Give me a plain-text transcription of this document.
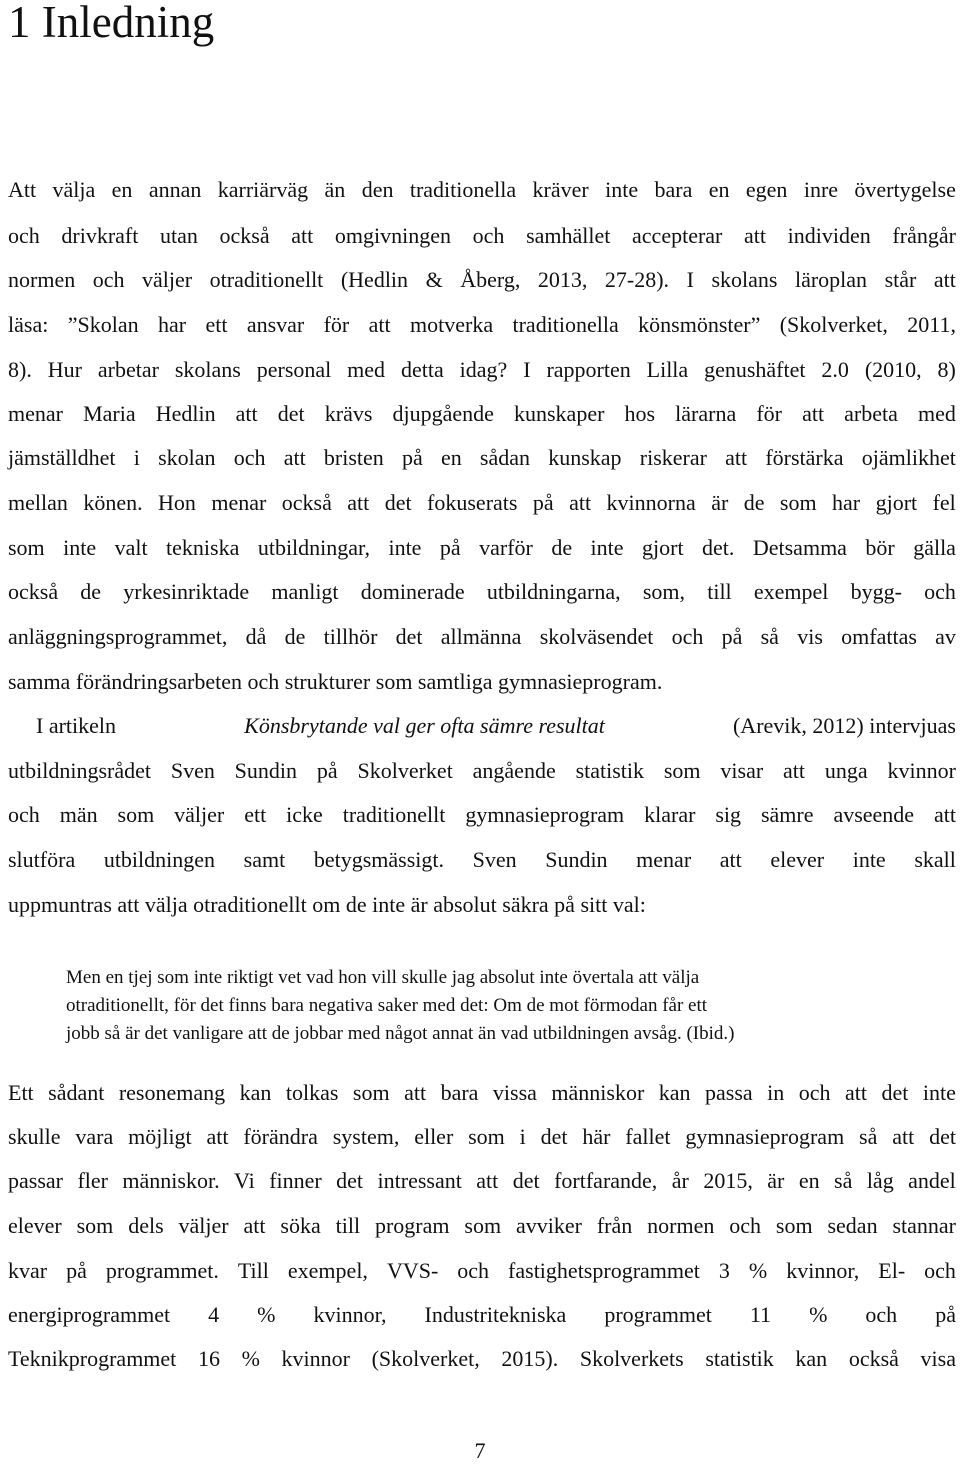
1 Inledning

Att välja en annan karriärväg än den traditionella kräver inte bara en egen inre övertygelse

och drivkraft utan också att omgivningen och samhället accepterar att individen frångår

normen och väljer otraditionellt (Hedlin & Åberg, 2013, 27-28). I skolans läroplan står att

läsa: ”Skolan har ett ansvar för att motverka traditionella könsmönster” (Skolverket, 2011,

8). Hur arbetar skolans personal med detta idag? I rapporten Lilla genushäftet 2.0 (2010, 8)

menar Maria Hedlin att det krävs djupgående kunskaper hos lärarna för att arbeta med

jämställdhet i skolan och att bristen på en sådan kunskap riskerar att förstärka ojämlikhet

mellan könen. Hon menar också att det fokuserats på att kvinnorna är de som har gjort fel

som inte valt tekniska utbildningar, inte på varför de inte gjort det. Detsamma bör gälla

också de yrkesinriktade manligt dominerade utbildningarna, som, till exempel bygg- och

anläggningsprogrammet, då de tillhör det allmänna skolväsendet och på så vis omfattas av

samma förändringsarbeten och strukturer som samtliga gymnasieprogram.

I artikeln	Könsbrytande val ger ofta sämre resultat	(Arevik, 2012) intervjuas

utbildningsrådet Sven Sundin på Skolverket angående statistik som visar att unga kvinnor

och män som väljer ett icke traditionellt gymnasieprogram klarar sig sämre avseende att

slutföra utbildningen samt betygsmässigt. Sven Sundin menar att elever inte skall

uppmuntras att välja otraditionellt om de inte är absolut säkra på sitt val:

Men en tjej som inte riktigt vet vad hon vill skulle jag absolut inte övertala att välja

otraditionellt, för det finns bara negativa saker med det: Om de mot förmodan får ett

jobb så är det vanligare att de jobbar med något annat än vad utbildningen avsåg. (Ibid.)

Ett sådant resonemang kan tolkas som att bara vissa människor kan passa in och att det inte

skulle vara möjligt att förändra system, eller som i det här fallet gymnasieprogram så att det

passar fler människor. Vi finner det intressant att det fortfarande, år 2015, är en så låg andel

elever som dels väljer att söka till program som avviker från normen och som sedan stannar

kvar på programmet. Till exempel, VVS- och fastighetsprogrammet 3 % kvinnor, El- och

energiprogrammet 4 % kvinnor, Industritekniska programmet 11 % och på

Teknikprogrammet 16 % kvinnor (Skolverket, 2015). Skolverkets statistik kan också visa

7
